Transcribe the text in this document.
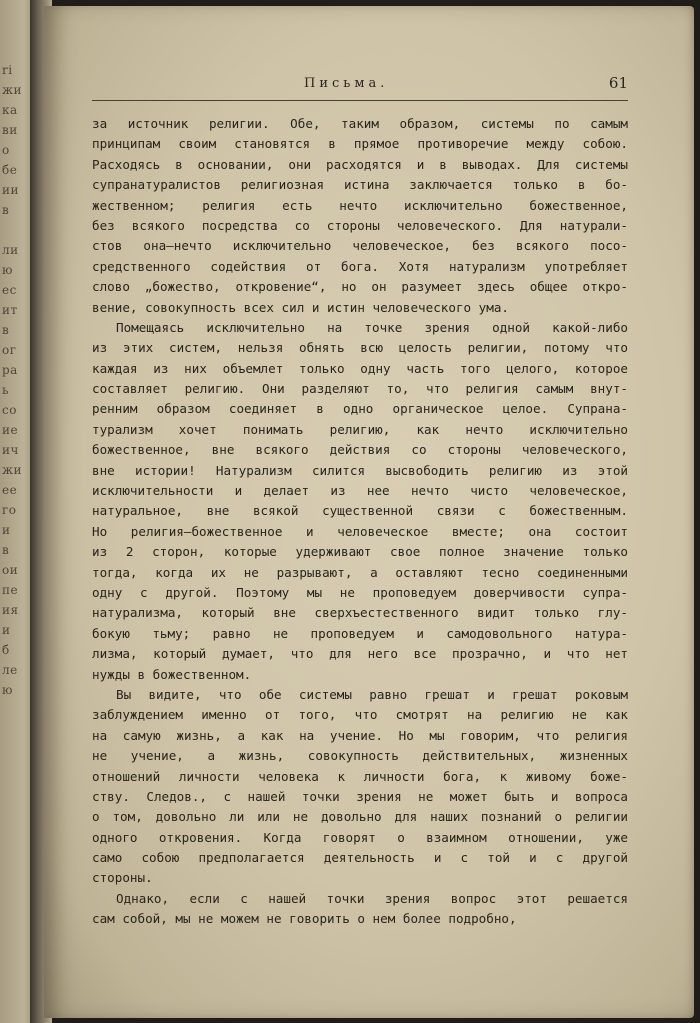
ri
жи
ка
ви
о
бе
ии
в
ли
ю
ес
ит
в
ог
ра
ь
со
ие
ич
жи
ее
го
и
в
ои
пе
ия
и
б
ле
ю
Письма.	61
за источник религии. Обе, таким образом, системы по самым
принципам своим становятся в прямое противоречие между собою.
Расходясь в основании, они расходятся и в выводах. Для системы
супранатуралистов религиозная истина заключается только в бо-
жественном; религия есть нечто исключительно божественное,
без всякого посредства со стороны человеческого. Для натурали-
стов она—нечто исключительно человеческое, без всякого посо-
средственного содействия от бога. Хотя натурализм употребляет
слово „божество, откровение“, но он разумеет здесь общее откро-
вение, совокупность всех сил и истин человеческого ума.
Помещаясь исключительно на точке зрения одной какой-либо
из этих систем, нельзя обнять всю целость религии, потому что
каждая из них объемлет только одну часть того целого, которое
составляет религию. Они разделяют то, что религия самым внут-
ренним образом соединяет в одно органическое целое. Супрана-
турализм хочет понимать религию, как нечто исключительно
божественное, вне всякого действия со стороны человеческого,
вне истории! Натурализм силится высвободить религию из этой
исключительности и делает из нее нечто чисто человеческое,
натуральное, вне всякой существенной связи с божественным.
Но религия—божественное и человеческое вместе; она состоит
из 2 сторон, которые удерживают свое полное значение только
тогда, когда их не разрывают, а оставляют тесно соединенными
одну с другой. Поэтому мы не проповедуем доверчивости супра-
натурализма, который вне сверхъестественного видит только глу-
бокую тьму; равно не проповедуем и самодовольного натура-
лизма, который думает, что для него все прозрачно, и что нет
нужды в божественном.
Вы видите, что обе системы равно грешат и грешат роковым
заблуждением именно от того, что смотрят на религию не как
на самую жизнь, а как на учение. Но мы говорим, что религия
не учение, а жизнь, совокупность действительных, жизненных
отношений личности человека к личности бога, к живому боже-
ству. Следов., с нашей точки зрения не может быть и вопроса
о том, довольно ли или не довольно для наших познаний о религии
одного откровения. Когда говорят о взаимном отношении, уже
само собою предполагается деятельность и с той и с другой
стороны.
Однако, если с нашей точки зрения вопрос этот решается
сам собой, мы не можем не говорить о нем более подробно,
